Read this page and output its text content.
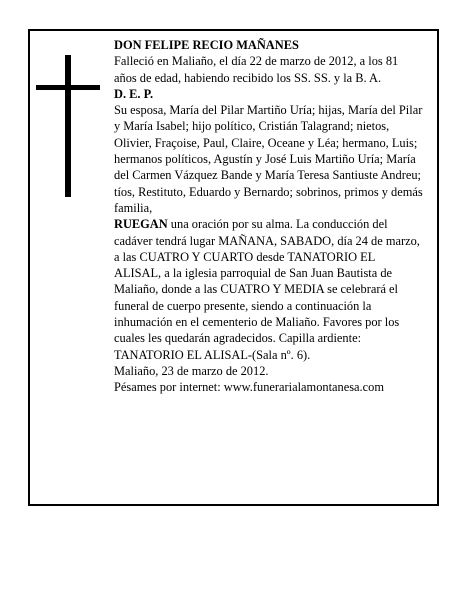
DON FELIPE RECIO MAÑANES

Falleció en Maliaño, el día 22 de marzo de 2012, a los 81 años de edad, habiendo recibido los SS. SS. y la B. A.

D. E. P.

Su esposa, María del Pilar Martiño Uría; hijas, María del Pilar y María Isabel; hijo político, Cristián Talagrand; nietos, Olivier, Fraçoise, Paul, Claire, Oceane y Léa; hermano, Luis; hermanos políticos, Agustín y José Luis Martiño Uría; María del Carmen Vázquez Bande y María Teresa Santiuste Andreu; tíos, Restituto, Eduardo y Bernardo; sobrinos, primos y demás familia,

RUEGAN una oración por su alma. La conducción del cadáver tendrá lugar MAÑANA, SABADO, día 24 de marzo, a las CUATRO Y CUARTO desde TANATORIO EL ALISAL, a la iglesia parroquial de San Juan Bautista de Maliaño, donde a las CUATRO Y MEDIA se celebrará el funeral de cuerpo presente, siendo a continuación la inhumación en el cementerio de Maliaño. Favores por los cuales les quedarán agradecidos. Capilla ardiente: TANATORIO EL ALISAL-(Sala nº. 6).

Maliaño, 23 de marzo de 2012.

Pésames por internet: www.funerarialamontanesa.com
